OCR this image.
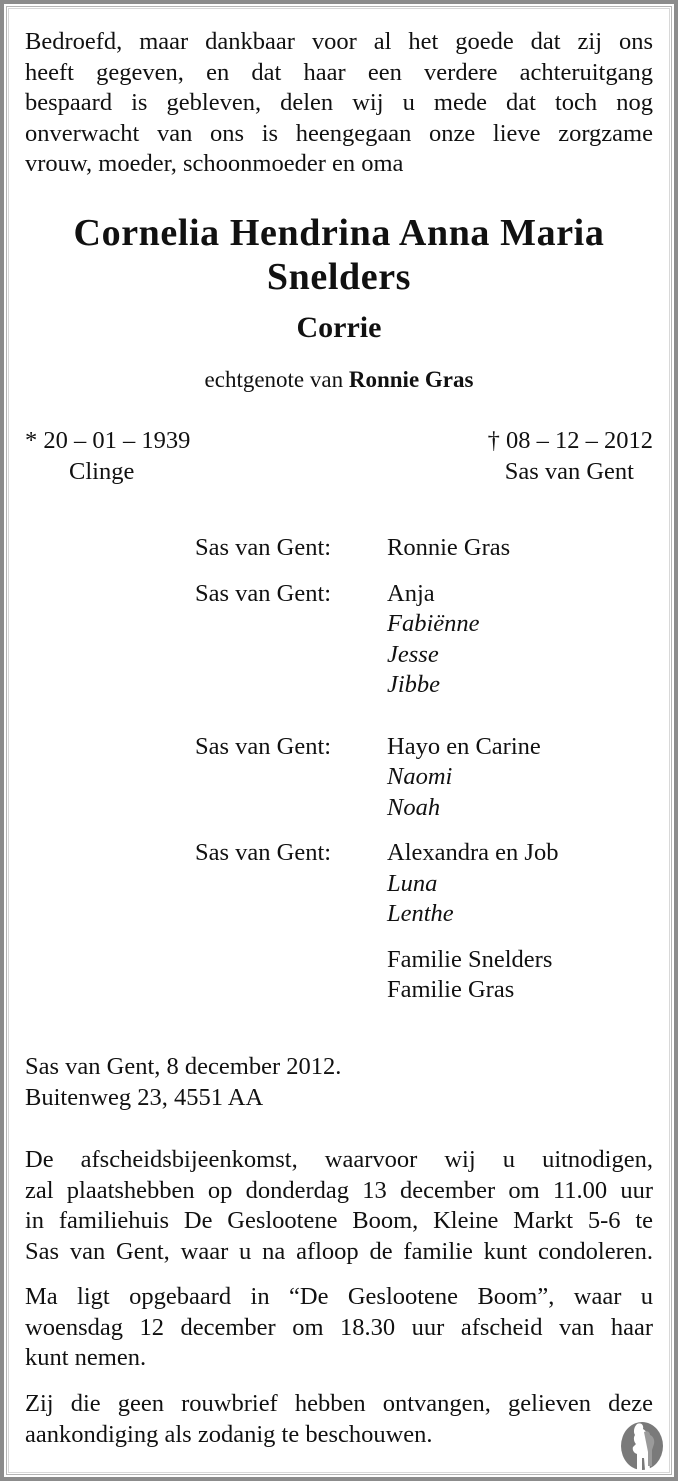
Bedroefd, maar dankbaar voor al het goede dat zij ons

heeft gegeven, en dat haar een verdere achteruitgang

bespaard is gebleven, delen wij u mede dat toch nog

onverwacht van ons is heengegaan onze lieve zorgzame

vrouw, moeder, schoonmoeder en oma

Cornelia Hendrina Anna Maria
Snelders
Corrie
echtgenote van Ronnie Gras
* 20 – 01 – 1939
Clinge
† 08 – 12 – 2012
Sas van Gent
Sas van Gent:	Ronnie Gras
Sas van Gent:	Anja
Fabiënne
Jesse
Jibbe
Sas van Gent:	Hayo en Carine
Naomi
Noah
Sas van Gent:	Alexandra en Job
Luna
Lenthe
Familie Snelders
Familie Gras

Sas van Gent, 8 december 2012.

Buitenweg 23, 4551 AA

De afscheidsbijeenkomst, waarvoor wij u uitnodigen,

zal plaatshebben op donderdag 13 december om 11.00 uur

in familiehuis De Geslootene Boom, Kleine Markt 5-6 te

Sas van Gent, waar u na afloop de familie kunt condoleren.

Ma ligt opgebaard in “De Geslootene Boom”, waar u

woensdag 12 december om 18.30 uur afscheid van haar

kunt nemen.

Zij die geen rouwbrief hebben ontvangen, gelieven deze

aankondiging als zodanig te beschouwen.
